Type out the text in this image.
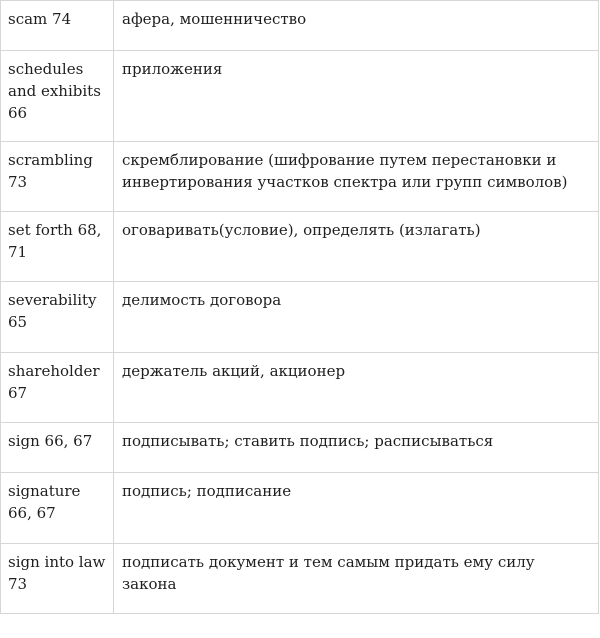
scam 74	афера, мошенничество
schedules and exhibits 66	приложения
scrambling 73	скремблирование (шифрование путем перестановки и инвертирования участков спектра или групп символов)
set forth 68, 71	оговаривать(условие), определять (излагать)
severability 65	делимость договора
shareholder 67	держатель акций, акционер
sign 66, 67	подписывать; ставить подпись; расписываться
signature 66, 67	подпись; подписание
sign into law 73	подписать документ и тем самым придать ему силу закона
